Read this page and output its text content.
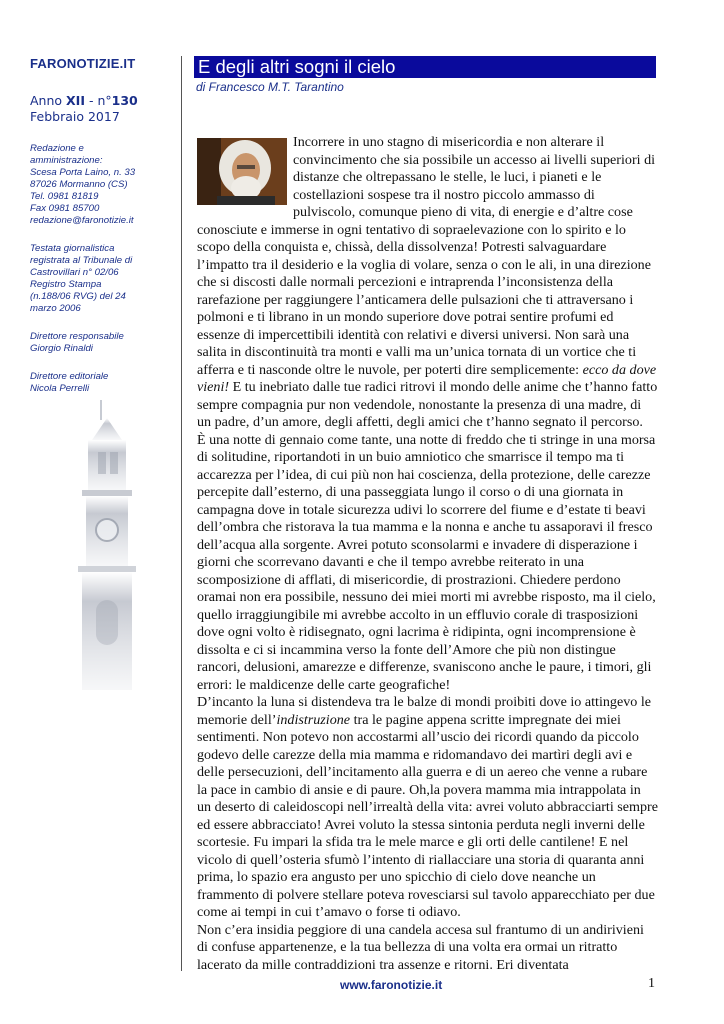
FARONOTIZIE.IT
Anno XII - n°130
Febbraio 2017

Redazione e

amministrazione:

Scesa Porta Laino, n. 33

87026 Mormanno (CS)

Tel. 0981 81819

Fax 0981 85700

redazione@faronotizie.it

Testata giornalistica

registrata al Tribunale di

Castrovillari n° 02/06

Registro Stampa

(n.188/06 RVG) del 24

marzo 2006

Direttore responsabile

Giorgio Rinaldi

Direttore editoriale

Nicola Perrelli

E degli altri sogni il cielo
di Francesco M.T. Tarantino

Incorrere in uno stagno di misericordia e non alterare il convincimento che sia possibile un accesso ai livelli superiori di distanze che oltrepassano le stelle, le luci, i pianeti e le costellazioni sospese tra il nostro piccolo ammasso di pulviscolo, comunque pieno di vita, di energie e d’altre cose conosciute e immerse in ogni tentativo di sopraelevazione con lo spirito e lo scopo della conquista e, chissà, della dissolvenza! Potresti salvaguardare l’impatto tra il desiderio e la voglia di volare, senza o con le ali, in una direzione che si discosti dalle normali percezioni e intraprenda l’inconsistenza della rarefazione per raggiungere l’anticamera delle pulsazioni che ti attraversano i polmoni e ti librano in un mondo superiore dove potrai sentire profumi ed essenze di impercettibili identità con relativi e diversi universi. Non sarà una salita in discontinuità tra monti e valli ma un’unica tornata di un vortice che ti afferra e ti nasconde oltre le nuvole, per poterti dire semplicemente: ecco da dove vieni! E tu inebriato dalle tue radici ritrovi il mondo delle anime che t’hanno fatto sempre compagnia pur non vedendole, nonostante la presenza di una madre, di un padre, d’un amore, degli affetti, degli amici che t’hanno segnato il percorso.

È una notte di gennaio come tante, una notte di freddo che ti stringe in una morsa di solitudine, riportandoti in un buio amniotico che smarrisce il tempo ma ti accarezza per l’idea, di cui più non hai coscienza, della protezione, delle carezze percepite dall’esterno, di una passeggiata lungo il corso o di una giornata in campagna dove in totale sicurezza udivi lo scorrere del fiume e d’estate ti beavi dell’ombra che ristorava la tua mamma e la nonna e anche tu assaporavi il fresco dell’acqua alla sorgente. Avrei potuto sconsolarmi e invadere di disperazione i giorni che scorrevano davanti e che il tempo avrebbe reiterato in una scomposizione di afflati, di misericordie, di prostrazioni. Chiedere perdono oramai non era possibile, nessuno dei miei morti mi avrebbe risposto, ma il cielo, quello irraggiungibile mi avrebbe accolto in un effluvio corale di trasposizioni dove ogni volto è ridisegnato, ogni lacrima è ridipinta, ogni incomprensione è dissolta e ci si incammina verso la fonte dell’Amore che più non distingue rancori, delusioni, amarezze e differenze, svaniscono anche le paure, i timori, gli errori: le maldicenze delle carte geografiche!

D’incanto la luna si distendeva tra le balze di mondi proibiti dove io attingevo le memorie dell’indistruzione tra le pagine appena scritte impregnate dei miei sentimenti. Non potevo non accostarmi all’uscio dei ricordi quando da piccolo godevo delle carezze della mia mamma e ridomandavo dei martìri degli avi e delle persecuzioni, dell’incitamento alla guerra e di un aereo che venne a rubare la pace in cambio di ansie e di paure. Oh,la povera mamma mia intrappolata in un deserto di caleidoscopi nell’irrealtà della vita: avrei voluto abbracciarti sempre ed essere abbracciato! Avrei voluto la stessa sintonia perduta negli inverni delle scortesie. Fu impari la sfida tra le mele marce e gli orti delle cantilene! E nel vicolo di quell’osteria sfumò l’intento di riallacciare una storia di quaranta anni prima, lo spazio era angusto per uno spicchio di cielo dove neanche un frammento di polvere stellare poteva rovesciarsi sul tavolo apparecchiato per due come ai tempi in cui t’amavo o forse ti odiavo.

Non c’era insidia peggiore di una candela accesa sul frantumo di un andirivieni di confuse appartenenze, e la tua bellezza di una volta era ormai un ritratto lacerato da mille contraddizioni tra assenze e ritorni. Eri diventata

www.faronotizie.it	1
